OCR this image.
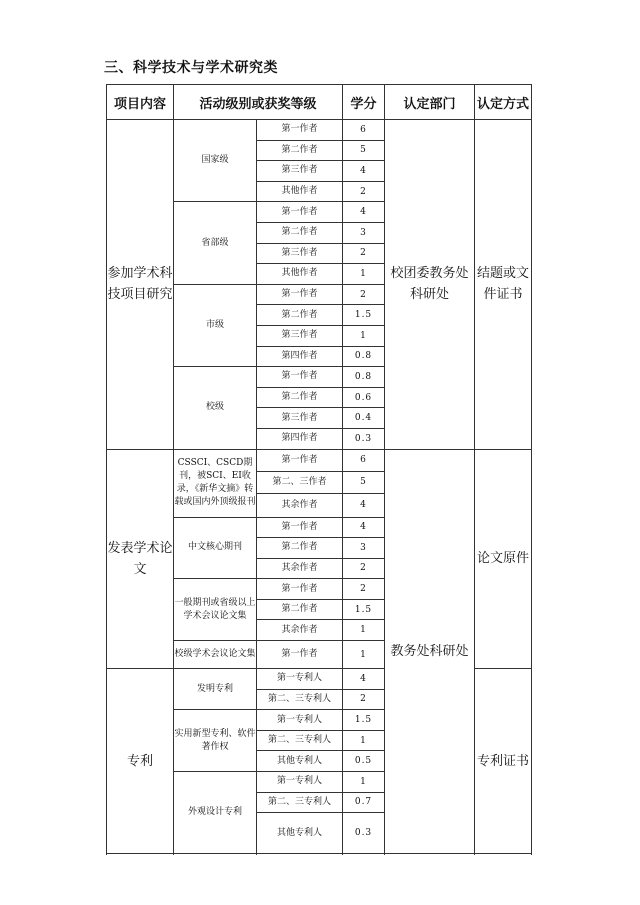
三、科学技术与学术研究类
项目内容	活动级别或获奖等级		学分	认定部门	认定方式
参加学术科技项目研究	国家级	第一作者	6	校团委教务处科研处	结题或文件证书
		第二作者	5		
		第三作者	4		
		其他作者	2		
	省部级	第一作者	4		
		第二作者	3		
		第三作者	2		
		其他作者	1		
	市级	第一作者	2		
		第二作者	1.5		
		第三作者	1		
		第四作者	0.8		
	校级	第一作者	0.8		
		第二作者	0.6		
		第三作者	0.4		
		第四作者	0.3		
发表学术论文	CSSCI、CSCD期刊，被SCI、EI收录，《新华文摘》转载或国内外顶级报刊	第一作者	6	教务处科研处	论文原件
		第二、三作者	5		
		其余作者	4		
	中文核心期刊	第一作者	4		
		第二作者	3		
		其余作者	2		
	一般期刊或省级以上学术会议论文集	第一作者	2		
		第二作者	1.5		
		其余作者	1		
	校级学术会议论文集	第一作者	1		
专利	发明专利	第一专利人	4		专利证书
		第二、三专利人	2		
	实用新型专利、软件著作权	第一专利人	1.5		
		第二、三专利人	1		
		其他专利人	0.5		
	外观设计专利	第一专利人	1		
		第二、三专利人	0.7		
		其他专利人	0.3		
